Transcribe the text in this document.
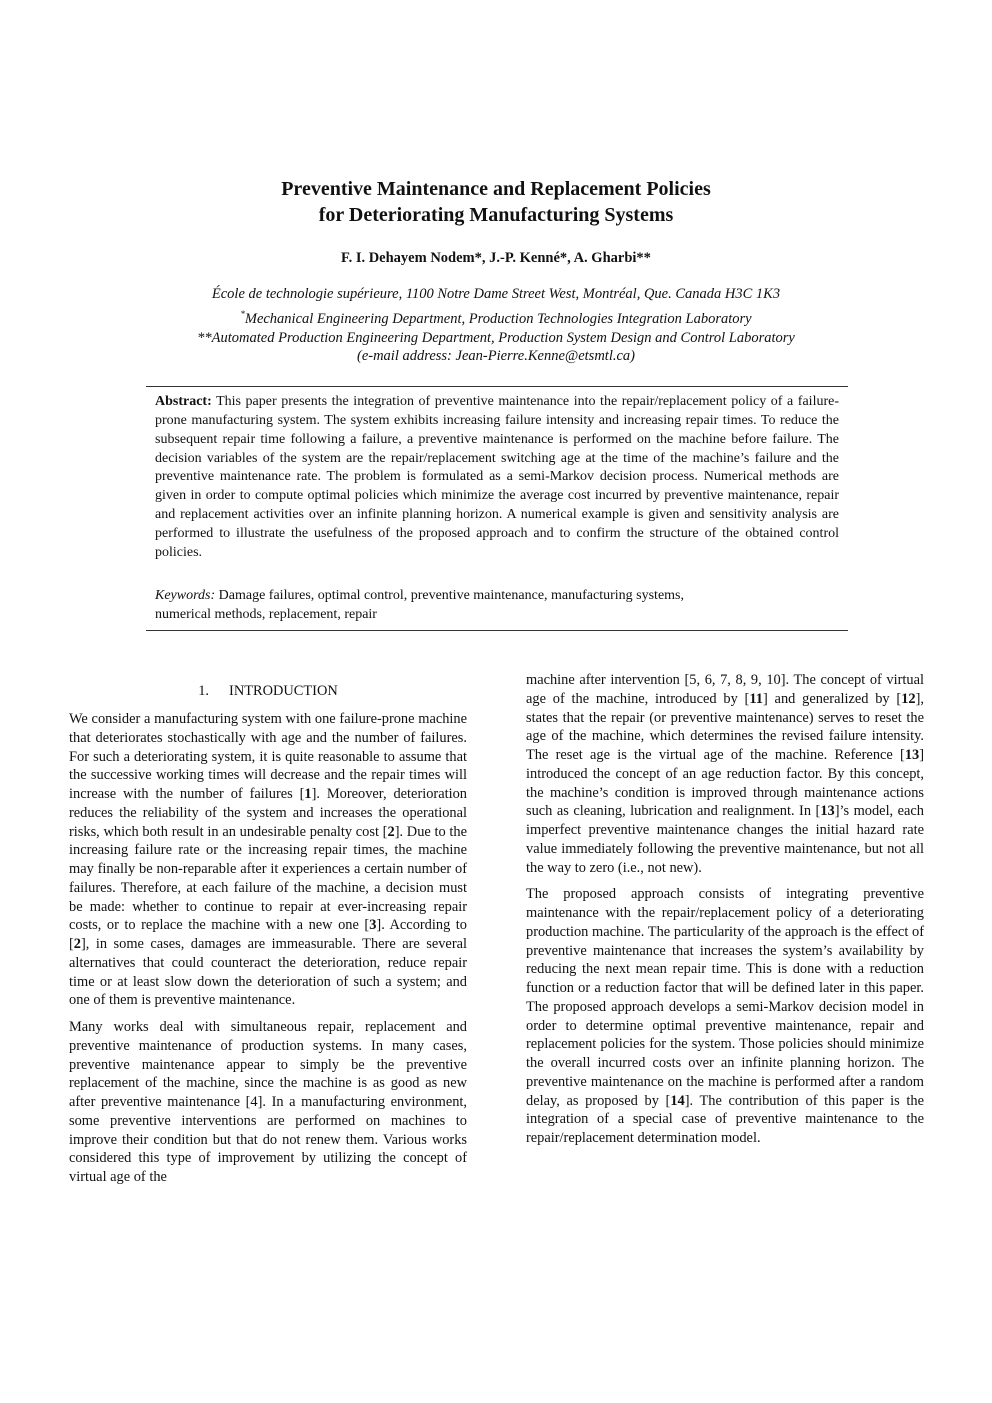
Preventive Maintenance and Replacement Policies
for Deteriorating Manufacturing Systems
F. I. Dehayem Nodem*, J.-P. Kenné*, A. Gharbi**
École de technologie supérieure, 1100 Notre Dame Street West, Montréal, Que. Canada H3C 1K3
*Mechanical Engineering Department, Production Technologies Integration Laboratory
**Automated Production Engineering Department, Production System Design and Control Laboratory
(e-mail address: Jean-Pierre.Kenne@etsmtl.ca)

Abstract: This paper presents the integration of preventive maintenance into the repair/replacement policy of a failure-prone manufacturing system. The system exhibits increasing failure intensity and increasing repair times. To reduce the subsequent repair time following a failure, a preventive maintenance is performed on the machine before failure. The decision variables of the system are the repair/replacement switching age at the time of the machine’s failure and the preventive maintenance rate. The problem is formulated as a semi-Markov decision process. Numerical methods are given in order to compute optimal policies which minimize the average cost incurred by preventive maintenance, repair and replacement activities over an infinite planning horizon. A numerical example is given and sensitivity analysis are performed to illustrate the usefulness of the proposed approach and to confirm the structure of the obtained control policies.

Keywords: Damage failures, optimal control, preventive maintenance, manufacturing systems,
numerical methods, replacement, repair

1. INTRODUCTION

We consider a manufacturing system with one failure-prone machine that deteriorates stochastically with age and the number of failures. For such a deteriorating system, it is quite reasonable to assume that the successive working times will decrease and the repair times will increase with the number of failures [1]. Moreover, deterioration reduces the reliability of the system and increases the operational risks, which both result in an undesirable penalty cost [2]. Due to the increasing failure rate or the increasing repair times, the machine may finally be non-reparable after it experiences a certain number of failures. Therefore, at each failure of the machine, a decision must be made: whether to continue to repair at ever-increasing repair costs, or to replace the machine with a new one [3]. According to [2], in some cases, damages are immeasurable. There are several alternatives that could counteract the deterioration, reduce repair time or at least slow down the deterioration of such a system; and one of them is preventive maintenance.

Many works deal with simultaneous repair, replacement and preventive maintenance of production systems. In many cases, preventive maintenance appear to simply be the preventive replacement of the machine, since the machine is as good as new after preventive maintenance [4]. In a manufacturing environment, some preventive interventions are performed on machines to improve their condition but that do not renew them. Various works considered this type of improvement by utilizing the concept of virtual age of the

machine after intervention [5, 6, 7, 8, 9, 10]. The concept of virtual age of the machine, introduced by [11] and generalized by [12], states that the repair (or preventive maintenance) serves to reset the age of the machine, which determines the revised failure intensity. The reset age is the virtual age of the machine. Reference [13] introduced the concept of an age reduction factor. By this concept, the machine’s condition is improved through maintenance actions such as cleaning, lubrication and realignment. In [13]’s model, each imperfect preventive maintenance changes the initial hazard rate value immediately following the preventive maintenance, but not all the way to zero (i.e., not new).

The proposed approach consists of integrating preventive maintenance with the repair/replacement policy of a deteriorating production machine. The particularity of the approach is the effect of preventive maintenance that increases the system’s availability by reducing the next mean repair time. This is done with a reduction function or a reduction factor that will be defined later in this paper. The proposed approach develops a semi-Markov decision model in order to determine optimal preventive maintenance, repair and replacement policies for the system. Those policies should minimize the overall incurred costs over an infinite planning horizon. The preventive maintenance on the machine is performed after a random delay, as proposed by [14]. The contribution of this paper is the integration of a special case of preventive maintenance to the repair/replacement determination model.
